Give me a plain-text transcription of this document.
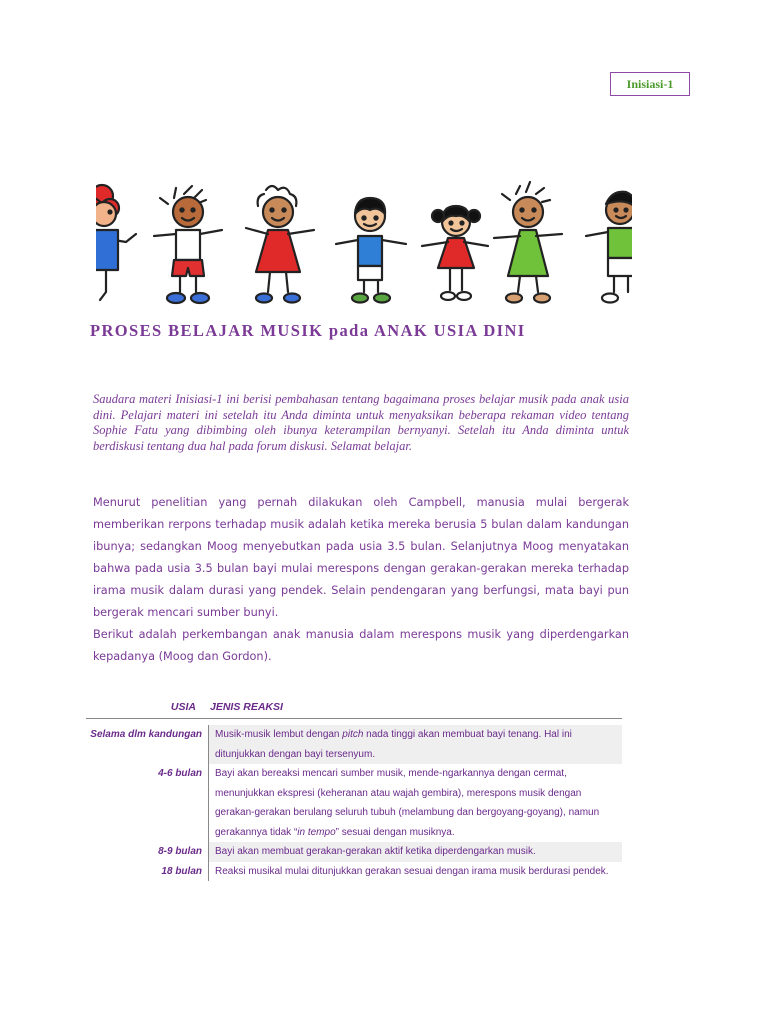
Inisiasi-1
PROSES BELAJAR MUSIK pada ANAK USIA DINI

Saudara materi Inisiasi-1 ini berisi pembahasan tentang bagaimana proses belajar musik pada anak usia dini. Pelajari materi ini setelah itu Anda diminta untuk menyaksikan beberapa rekaman video tentang Sophie Fatu yang dibimbing oleh ibunya keterampilan bernyanyi. Setelah itu Anda diminta untuk berdiskusi tentang dua hal pada forum diskusi. Selamat belajar.

Menurut penelitian yang pernah dilakukan oleh Campbell, manusia mulai bergerak memberikan rerpons terhadap musik adalah ketika mereka berusia 5 bulan dalam kandungan ibunya; sedangkan Moog menyebutkan pada usia 3.5 bulan. Selanjutnya Moog menyatakan bahwa pada usia 3.5 bulan bayi mulai merespons dengan gerakan-gerakan mereka terhadap irama musik dalam durasi yang pendek. Selain pendengaran yang berfungsi, mata bayi pun bergerak mencari sumber bunyi.

Berikut adalah perkembangan anak manusia dalam merespons musik yang diperdengarkan kepadanya (Moog dan Gordon).

USIA	JENIS REAKSI
Selama dlm kandungan	Musik-musik lembut dengan pitch nada tinggi akan membuat bayi tenang. Hal ini ditunjukkan dengan bayi tersenyum.
4-6 bulan	Bayi akan bereaksi mencari sumber musik, mende-ngarkannya dengan cermat, menunjukkan ekspresi (keheranan atau wajah gembira), merespons musik dengan gerakan-gerakan berulang seluruh tubuh (melambung dan bergoyang-goyang), namun gerakannya tidak “in tempo” sesuai dengan musiknya.
8-9 bulan	Bayi akan membuat gerakan-gerakan aktif ketika diperdengarkan musik.
18 bulan	Reaksi musikal mulai ditunjukkan gerakan sesuai dengan irama musik berdurasi pendek.
